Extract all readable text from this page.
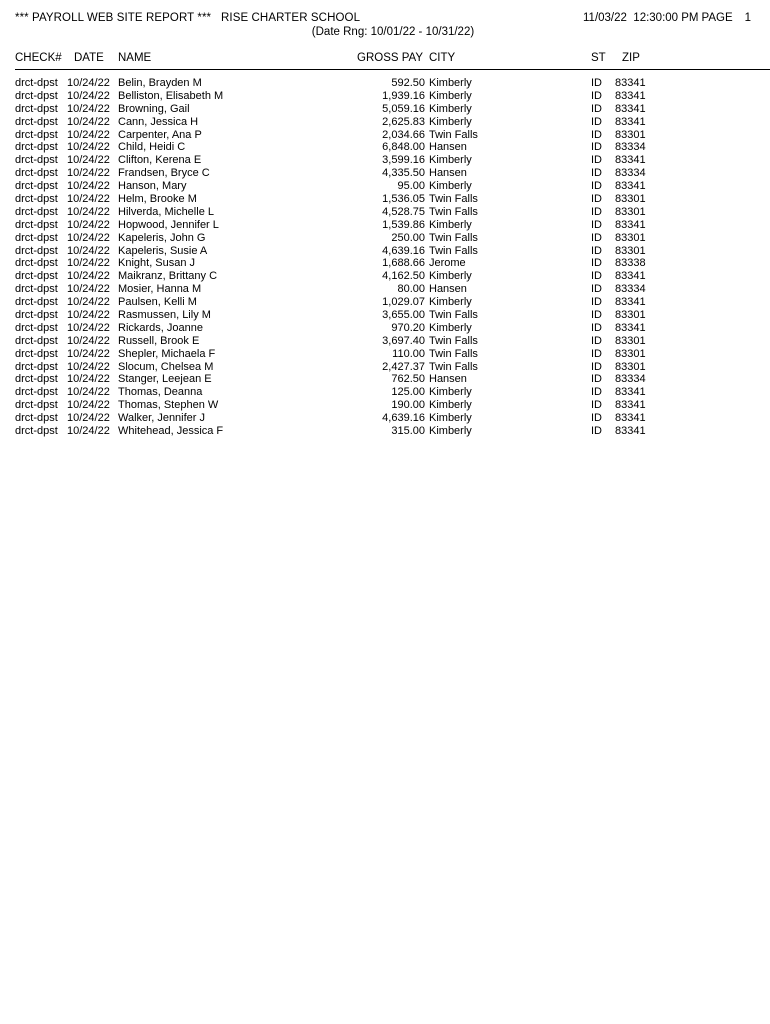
*** PAYROLL WEB SITE REPORT ***   RISE CHARTER SCHOOL
(Date Rng: 10/01/22 - 10/31/22)
11/03/22  12:30:00 PM PAGE 1
CHECK# DATE NAME	GROSS PAY CITY	ST ZIP
drct-dpst 10/24/22 Belin, Brayden M	592.50 Kimberly	ID 83341
drct-dpst 10/24/22 Belliston, Elisabeth M	1,939.16 Kimberly	ID 83341
drct-dpst 10/24/22 Browning, Gail	5,059.16 Kimberly	ID 83341
drct-dpst 10/24/22 Cann, Jessica H	2,625.83 Kimberly	ID 83341
drct-dpst 10/24/22 Carpenter, Ana P	2,034.66 Twin Falls	ID 83301
drct-dpst 10/24/22 Child, Heidi C	6,848.00 Hansen	ID 83334
drct-dpst 10/24/22 Clifton, Kerena E	3,599.16 Kimberly	ID 83341
drct-dpst 10/24/22 Frandsen, Bryce C	4,335.50 Hansen	ID 83334
drct-dpst 10/24/22 Hanson, Mary	95.00 Kimberly	ID 83341
drct-dpst 10/24/22 Helm, Brooke M	1,536.05 Twin Falls	ID 83301
drct-dpst 10/24/22 Hilverda, Michelle L	4,528.75 Twin Falls	ID 83301
drct-dpst 10/24/22 Hopwood, Jennifer L	1,539.86 Kimberly	ID 83341
drct-dpst 10/24/22 Kapeleris, John G	250.00 Twin Falls	ID 83301
drct-dpst 10/24/22 Kapeleris, Susie A	4,639.16 Twin Falls	ID 83301
drct-dpst 10/24/22 Knight, Susan J	1,688.66 Jerome	ID 83338
drct-dpst 10/24/22 Maikranz, Brittany C	4,162.50 Kimberly	ID 83341
drct-dpst 10/24/22 Mosier, Hanna M	80.00 Hansen	ID 83334
drct-dpst 10/24/22 Paulsen, Kelli M	1,029.07 Kimberly	ID 83341
drct-dpst 10/24/22 Rasmussen, Lily M	3,655.00 Twin Falls	ID 83301
drct-dpst 10/24/22 Rickards, Joanne	970.20 Kimberly	ID 83341
drct-dpst 10/24/22 Russell, Brook E	3,697.40 Twin Falls	ID 83301
drct-dpst 10/24/22 Shepler, Michaela F	110.00 Twin Falls	ID 83301
drct-dpst 10/24/22 Slocum, Chelsea M	2,427.37 Twin Falls	ID 83301
drct-dpst 10/24/22 Stanger, Leejean E	762.50 Hansen	ID 83334
drct-dpst 10/24/22 Thomas, Deanna	125.00 Kimberly	ID 83341
drct-dpst 10/24/22 Thomas, Stephen W	190.00 Kimberly	ID 83341
drct-dpst 10/24/22 Walker, Jennifer J	4,639.16 Kimberly	ID 83341
drct-dpst 10/24/22 Whitehead, Jessica F	315.00 Kimberly	ID 83341
